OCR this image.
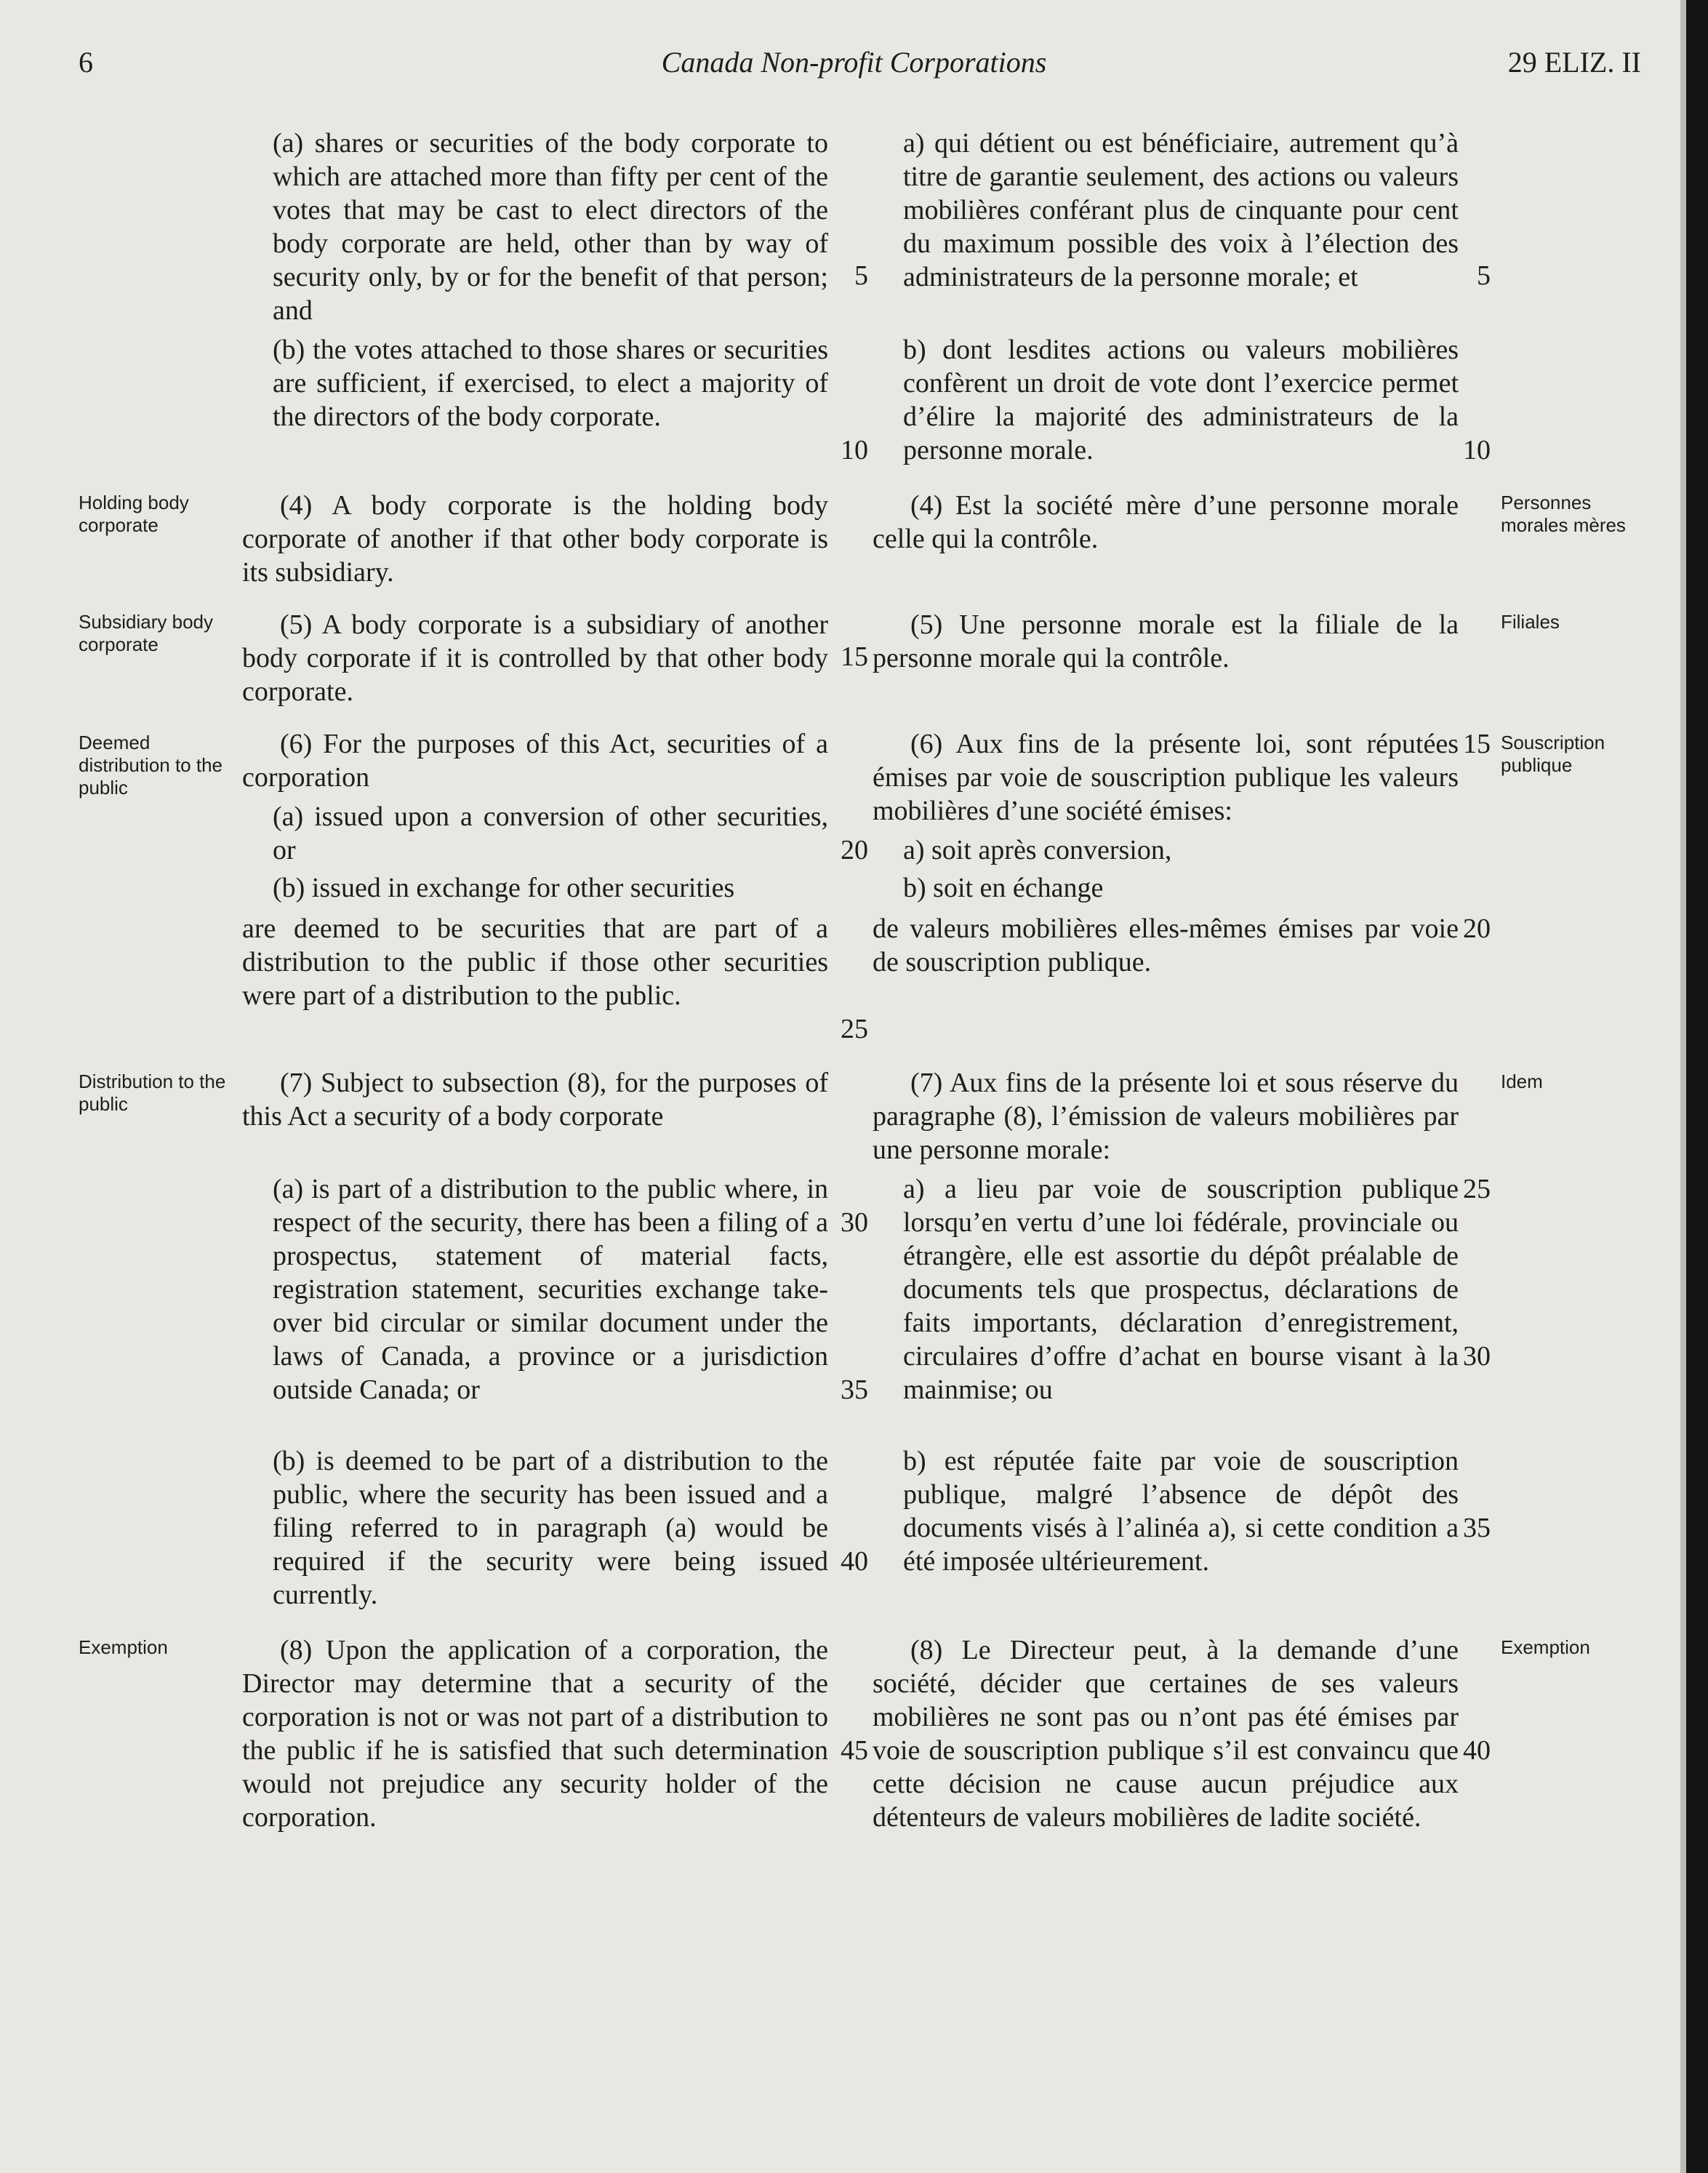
6	Canada Non-profit Corporations	29 ELIZ. II
Holding body corporate
Subsidiary body corporate
Deemed distribution to the public
Distribution to the public
Exemption
Personnes morales mères
Filiales
Souscription publique
Idem
Exemption
(a) shares or securities of the body corporate to which are attached more than fifty per cent of the votes that may be cast to elect directors of the body corporate are held, other than by way of security only, by or for the benefit of that person; and
(b) the votes attached to those shares or securities are sufficient, if exercised, to elect a majority of the directors of the body corporate.
(4) A body corporate is the holding body corporate of another if that other body corporate is its subsidiary.
(5) A body corporate is a subsidiary of another body corporate if it is controlled by that other body corporate.
(6) For the purposes of this Act, securities of a corporation
(a) issued upon a conversion of other securities, or
(b) issued in exchange for other securities
are deemed to be securities that are part of a distribution to the public if those other securities were part of a distribution to the public.
(7) Subject to subsection (8), for the purposes of this Act a security of a body corporate
(a) is part of a distribution to the public where, in respect of the security, there has been a filing of a prospectus, statement of material facts, registration statement, securities exchange take-over bid circular or similar document under the laws of Canada, a province or a jurisdiction outside Canada; or
(b) is deemed to be part of a distribution to the public, where the security has been issued and a filing referred to in paragraph (a) would be required if the security were being issued currently.
(8) Upon the application of a corporation, the Director may determine that a security of the corporation is not or was not part of a distribution to the public if he is satisfied that such determination would not prejudice any security holder of the corporation.
a) qui détient ou est bénéficiaire, autrement qu’à titre de garantie seulement, des actions ou valeurs mobilières conférant plus de cinquante pour cent du maximum possible des voix à l’élection des administrateurs de la personne morale; et
b) dont lesdites actions ou valeurs mobilières confèrent un droit de vote dont l’exercice permet d’élire la majorité des administrateurs de la personne morale.
(4) Est la société mère d’une personne morale celle qui la contrôle.
(5) Une personne morale est la filiale de la personne morale qui la contrôle.
(6) Aux fins de la présente loi, sont réputées émises par voie de souscription publique les valeurs mobilières d’une société émises:
a) soit après conversion,
b) soit en échange
de valeurs mobilières elles-mêmes émises par voie de souscription publique.
(7) Aux fins de la présente loi et sous réserve du paragraphe (8), l’émission de valeurs mobilières par une personne morale:
a) a lieu par voie de souscription publique lorsqu’en vertu d’une loi fédérale, provinciale ou étrangère, elle est assortie du dépôt préalable de documents tels que prospectus, déclarations de faits importants, déclaration d’enregistrement, circulaires d’offre d’achat en bourse visant à la mainmise; ou
b) est réputée faite par voie de souscription publique, malgré l’absence de dépôt des documents visés à l’alinéa a), si cette condition a été imposée ultérieurement.
(8) Le Directeur peut, à la demande d’une société, décider que certaines de ses valeurs mobilières ne sont pas ou n’ont pas été émises par voie de souscription publique s’il est convaincu que cette décision ne cause aucun préjudice aux détenteurs de valeurs mobilières de ladite société.
5
10
15
20
25
30
35
40
45
5
10
15
20
25
30
35
40
